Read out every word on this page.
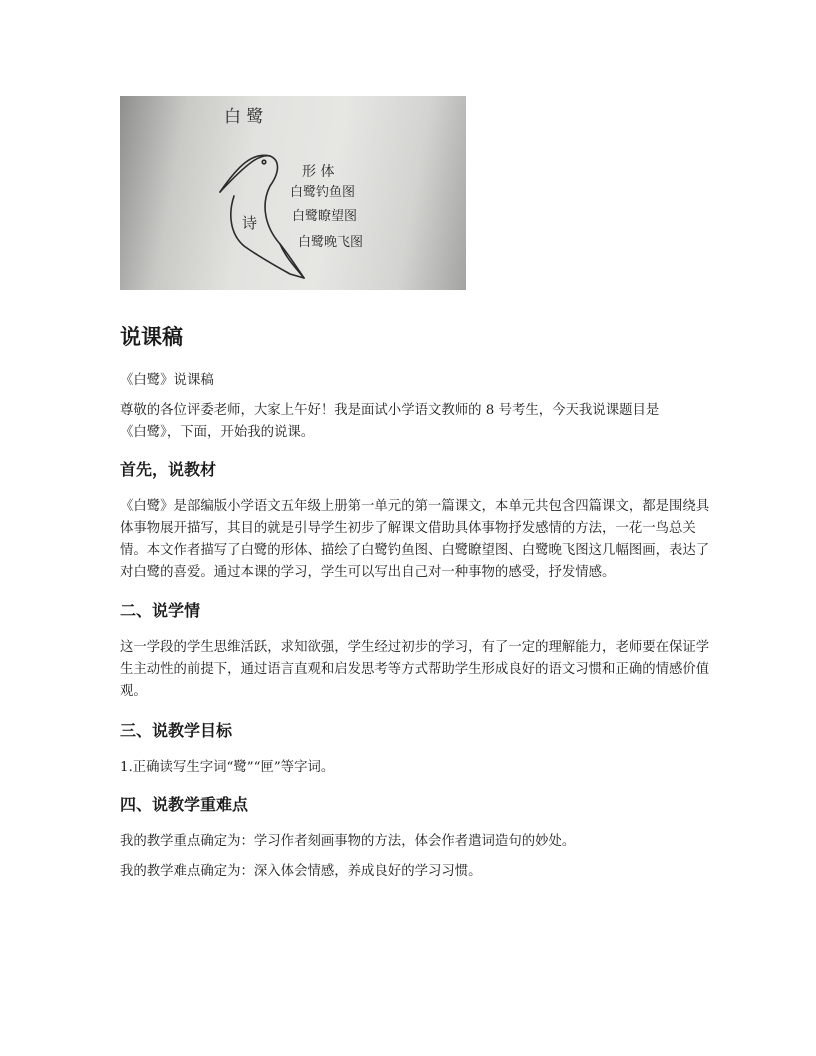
白 鹭
诗
形 体
白鹭钓鱼图
白鹭瞭望图
白鹭晚飞图
说课稿

《白鹭》说课稿

尊敬的各位评委老师，大家上午好！我是面试小学语文教师的 8 号考生，今天我说课题目是《白鹭》，下面，开始我的说课。

首先，说教材

《白鹭》是部编版小学语文五年级上册第一单元的第一篇课文，本单元共包含四篇课文，都是围绕具体事物展开描写，其目的就是引导学生初步了解课文借助具体事物抒发感情的方法，一花一鸟总关情。本文作者描写了白鹭的形体、描绘了白鹭钓鱼图、白鹭瞭望图、白鹭晚飞图这几幅图画，表达了对白鹭的喜爱。通过本课的学习，学生可以写出自己对一种事物的感受，抒发情感。

二、说学情

这一学段的学生思维活跃，求知欲强，学生经过初步的学习，有了一定的理解能力，老师要在保证学生主动性的前提下，通过语言直观和启发思考等方式帮助学生形成良好的语文习惯和正确的情感价值观。

三、说教学目标

1.正确读写生字词“鹭”“匣”等字词。

四、说教学重难点

我的教学重点确定为：学习作者刻画事物的方法，体会作者遣词造句的妙处。

我的教学难点确定为：深入体会情感，养成良好的学习习惯。
